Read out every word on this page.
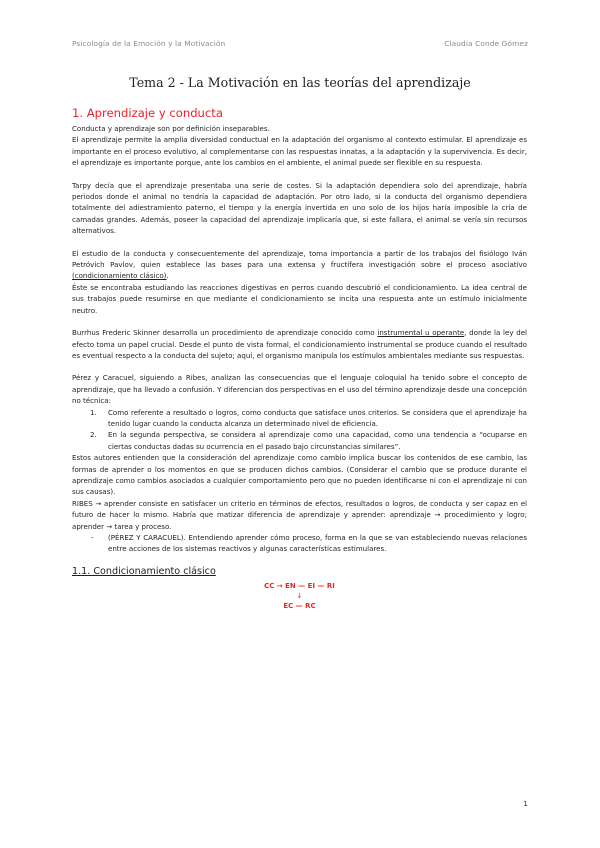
Psicología de la Emoción y la Motivación	Claudia Conde Gómez
Tema 2 - La Motivación en las teorías del aprendizaje
1. Aprendizaje y conducta

Conducta y aprendizaje son por definición inseparables.

El aprendizaje permite la amplia diversidad conductual en la adaptación del organismo al contexto estimular. El aprendizaje es importante en el proceso evolutivo, al complementarse con las respuestas innatas, a la adaptación y la supervivencia. Es decir, el aprendizaje es importante porque, ante los cambios en el ambiente, el animal puede ser flexible en su respuesta.

Tarpy decía que el aprendizaje presentaba una serie de costes. Si la adaptación dependiera solo del aprendizaje, habría periodos donde el animal no tendría la capacidad de adaptación. Por otro lado, si la conducta del organismo dependiera totalmente del adiestramiento paterno, el tiempo y la energía invertida en uno solo de los hijos haría imposible la cría de camadas grandes. Además, poseer la capacidad del aprendizaje implicaría que, si este fallara, el animal se vería sin recursos alternativos.

El estudio de la conducta y consecuentemente del aprendizaje, toma importancia a partir de los trabajos del fisiólogo Iván Petróvich Pavlov, quien establece las bases para una extensa y fructífera investigación sobre el proceso asociativo (condicionamiento clásico).

Éste se encontraba estudiando las reacciones digestivas en perros cuando descubrió el condicionamiento. La idea central de sus trabajos puede resumirse en que mediante el condicionamiento se incita una respuesta ante un estímulo inicialmente neutro.

Burrhus Frederic Skinner desarrolla un procedimiento de aprendizaje conocido como instrumental u operante, donde la ley del efecto toma un papel crucial. Desde el punto de vista formal, el condicionamiento instrumental se produce cuando el resultado es eventual respecto a la conducta del sujeto; aquí, el organismo manipula los estímulos ambientales mediante sus respuestas.

Pérez y Caracuel, siguiendo a Ribes, analizan las consecuencias que el lenguaje coloquial ha tenido sobre el concepto de aprendizaje, que ha llevado a confusión. Y diferencian dos perspectivas en el uso del término aprendizaje desde una concepción no técnica:

1. Como referente a resultado o logros, como conducta que satisface unos criterios. Se considera que el aprendizaje ha tenido lugar cuando la conducta alcanza un determinado nivel de eficiencia.
2. En la segunda perspectiva, se considera al aprendizaje como una capacidad, como una tendencia a “ocuparse en ciertas conductas dadas su ocurrencia en el pasado bajo circunstancias similares”.

Estos autores entienden que la consideración del aprendizaje como cambio implica buscar los contenidos de ese cambio, las formas de aprender o los momentos en que se producen dichos cambios. (Considerar el cambio que se produce durante el aprendizaje como cambios asociados a cualquier comportamiento pero que no pueden identificarse ni con el aprendizaje ni con sus causas).

RIBES → aprender consiste en satisfacer un criterio en términos de efectos, resultados o logros, de conducta y ser capaz en el futuro de hacer lo mismo. Habría que matizar diferencia de aprendizaje y aprender: aprendizaje → procedimiento y logro; aprender → tarea y proceso.

- (PÉREZ Y CARACUEL). Entendiendo aprender cómo proceso, forma en la que se van estableciendo nuevas relaciones entre acciones de los sistemas reactivos y algunas características estimulares.
1.1. Condicionamiento clásico
CC → EN — EI — RI
↓
EC — RC
1
